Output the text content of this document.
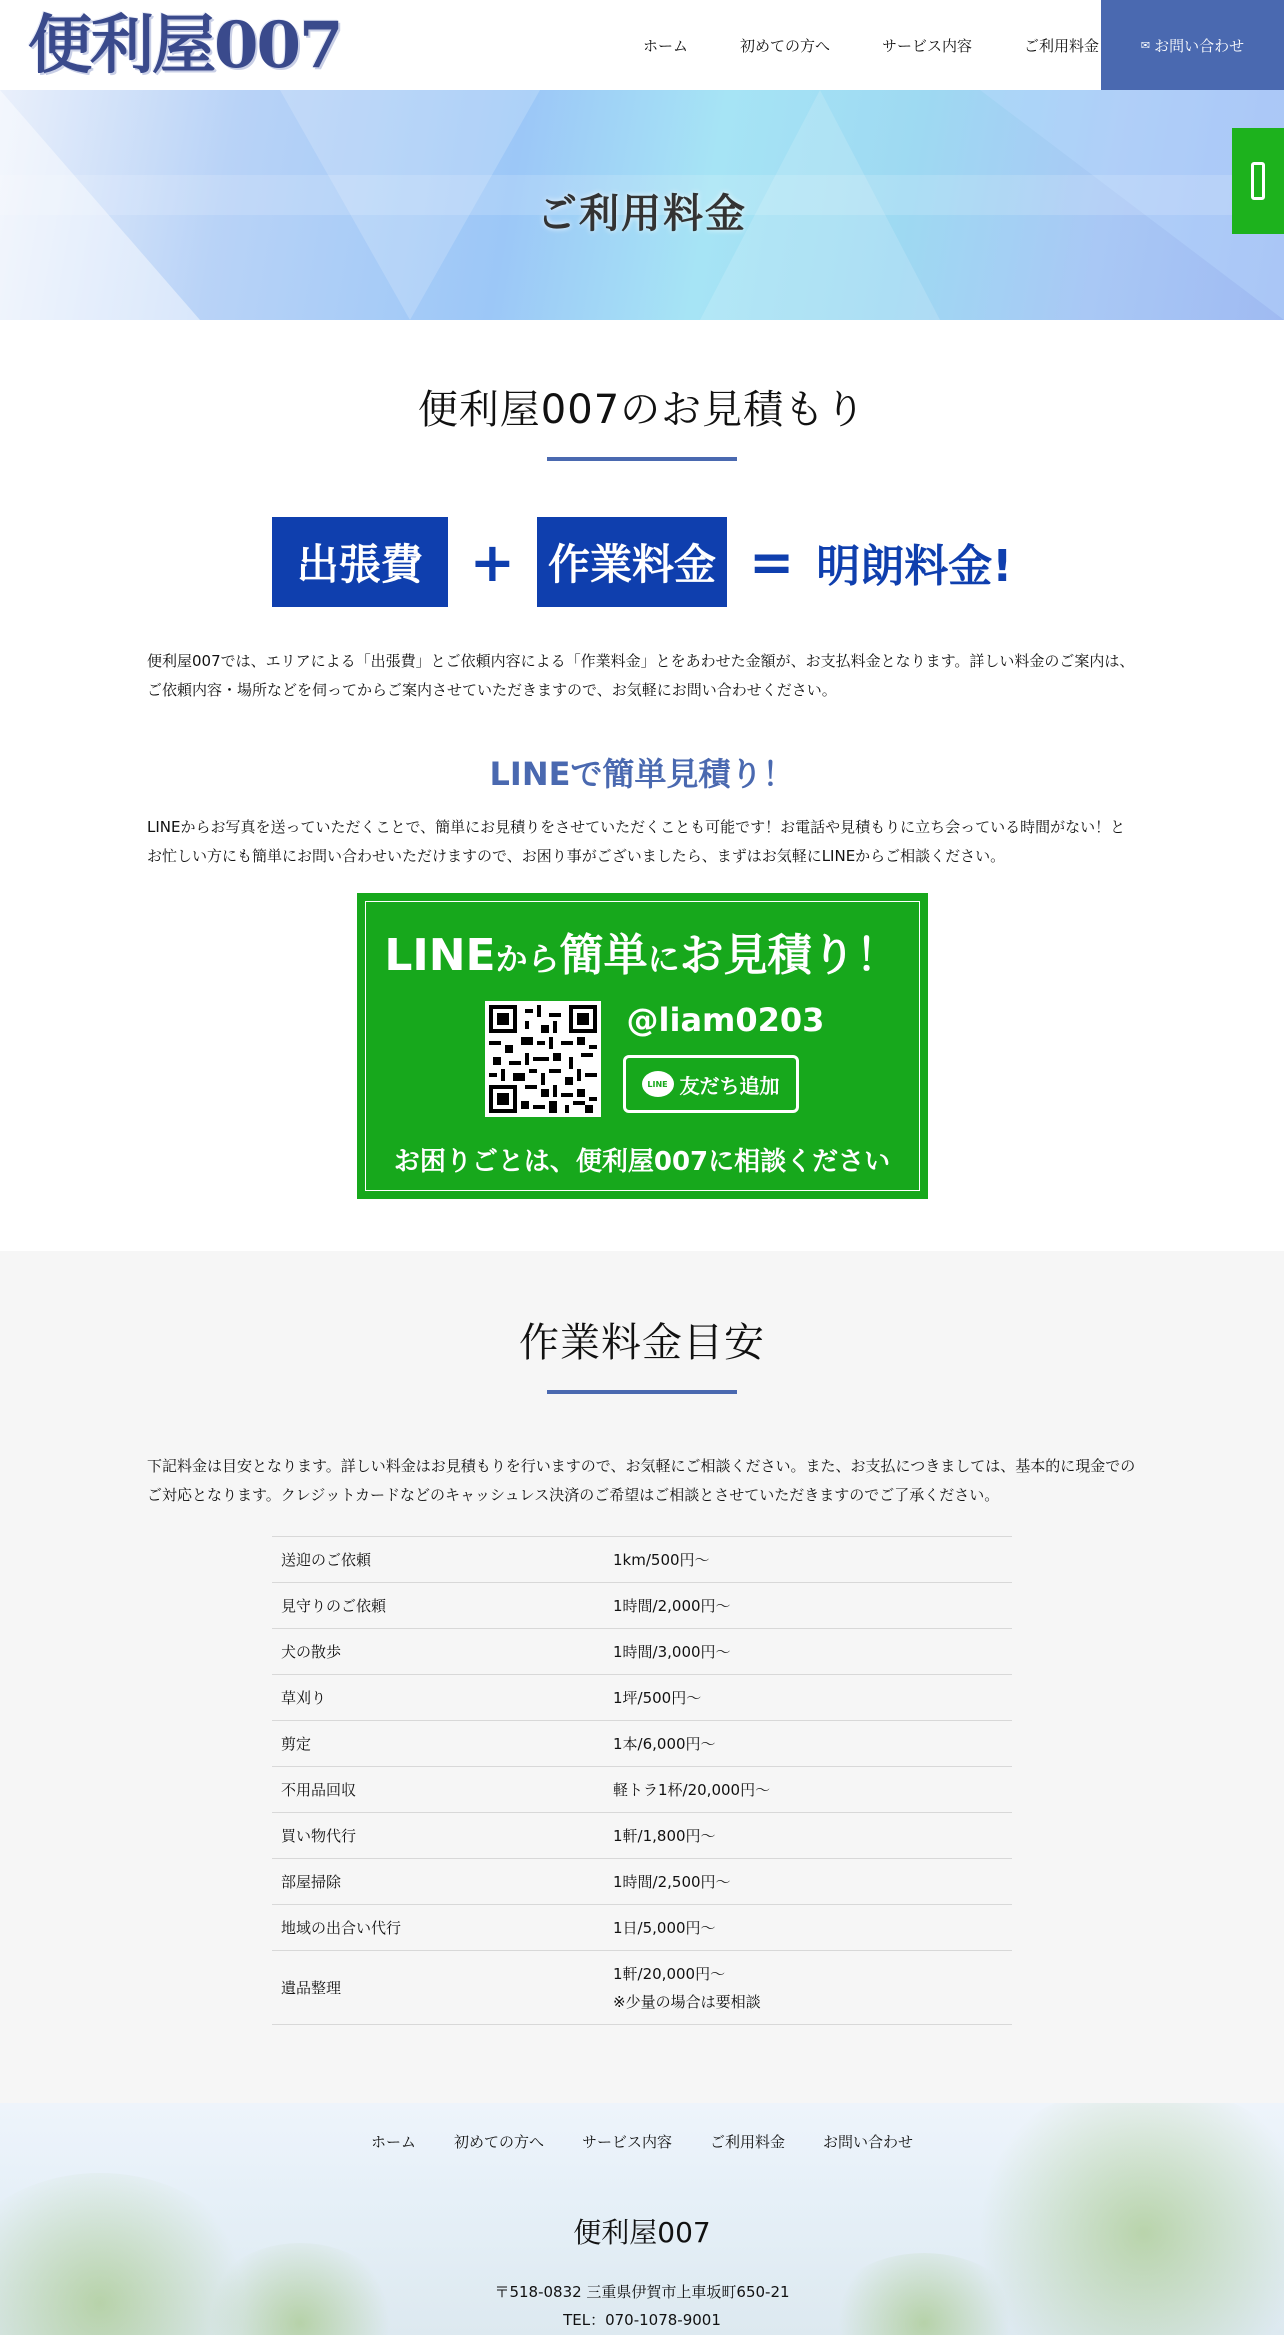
便利屋007	ホーム	初めての方へ	サービス内容	ご利用料金	✉ お問い合わせ
ご利用料金
便利屋007のお見積もり
出張費 + 作業料金 = 明朗料金!

便利屋007では、エリアによる「出張費」とご依頼内容による「作業料金」とをあわせた金額が、お支払料金となります。詳しい料金のご案内は、ご依頼内容・場所などを伺ってからご案内させていただきますので、お気軽にお問い合わせください。

LINEで簡単見積り！

LINEからお写真を送っていただくことで、簡単にお見積りをさせていただくことも可能です！お電話や見積もりに立ち会っている時間がない！とお忙しい方にも簡単にお問い合わせいただけますので、お困り事がございましたら、まずはお気軽にLINEからご相談ください。

LINEから簡単にお見積り！
@liam0203
LINE 友だち追加
お困りごとは、便利屋007に相談ください
作業料金目安

下記料金は目安となります。詳しい料金はお見積もりを行いますので、お気軽にご相談ください。また、お支払につきましては、基本的に現金でのご対応となります。クレジットカードなどのキャッシュレス決済のご希望はご相談とさせていただきますのでご了承ください。

送迎のご依頼	1km/500円〜
見守りのご依頼	1時間/2,000円〜
犬の散歩	1時間/3,000円〜
草刈り	1坪/500円〜
剪定	1本/6,000円〜
不用品回収	軽トラ1杯/20,000円〜
買い物代行	1軒/1,800円〜
部屋掃除	1時間/2,500円〜
地域の出合い代行	1日/5,000円〜
遺品整理	1軒/20,000円〜
※少量の場合は要相談
ホーム	初めての方へ	サービス内容	ご利用料金	お問い合わせ
便利屋007
〒518-0832 三重県伊賀市上車坂町650-21
TEL：070-1078-9001
